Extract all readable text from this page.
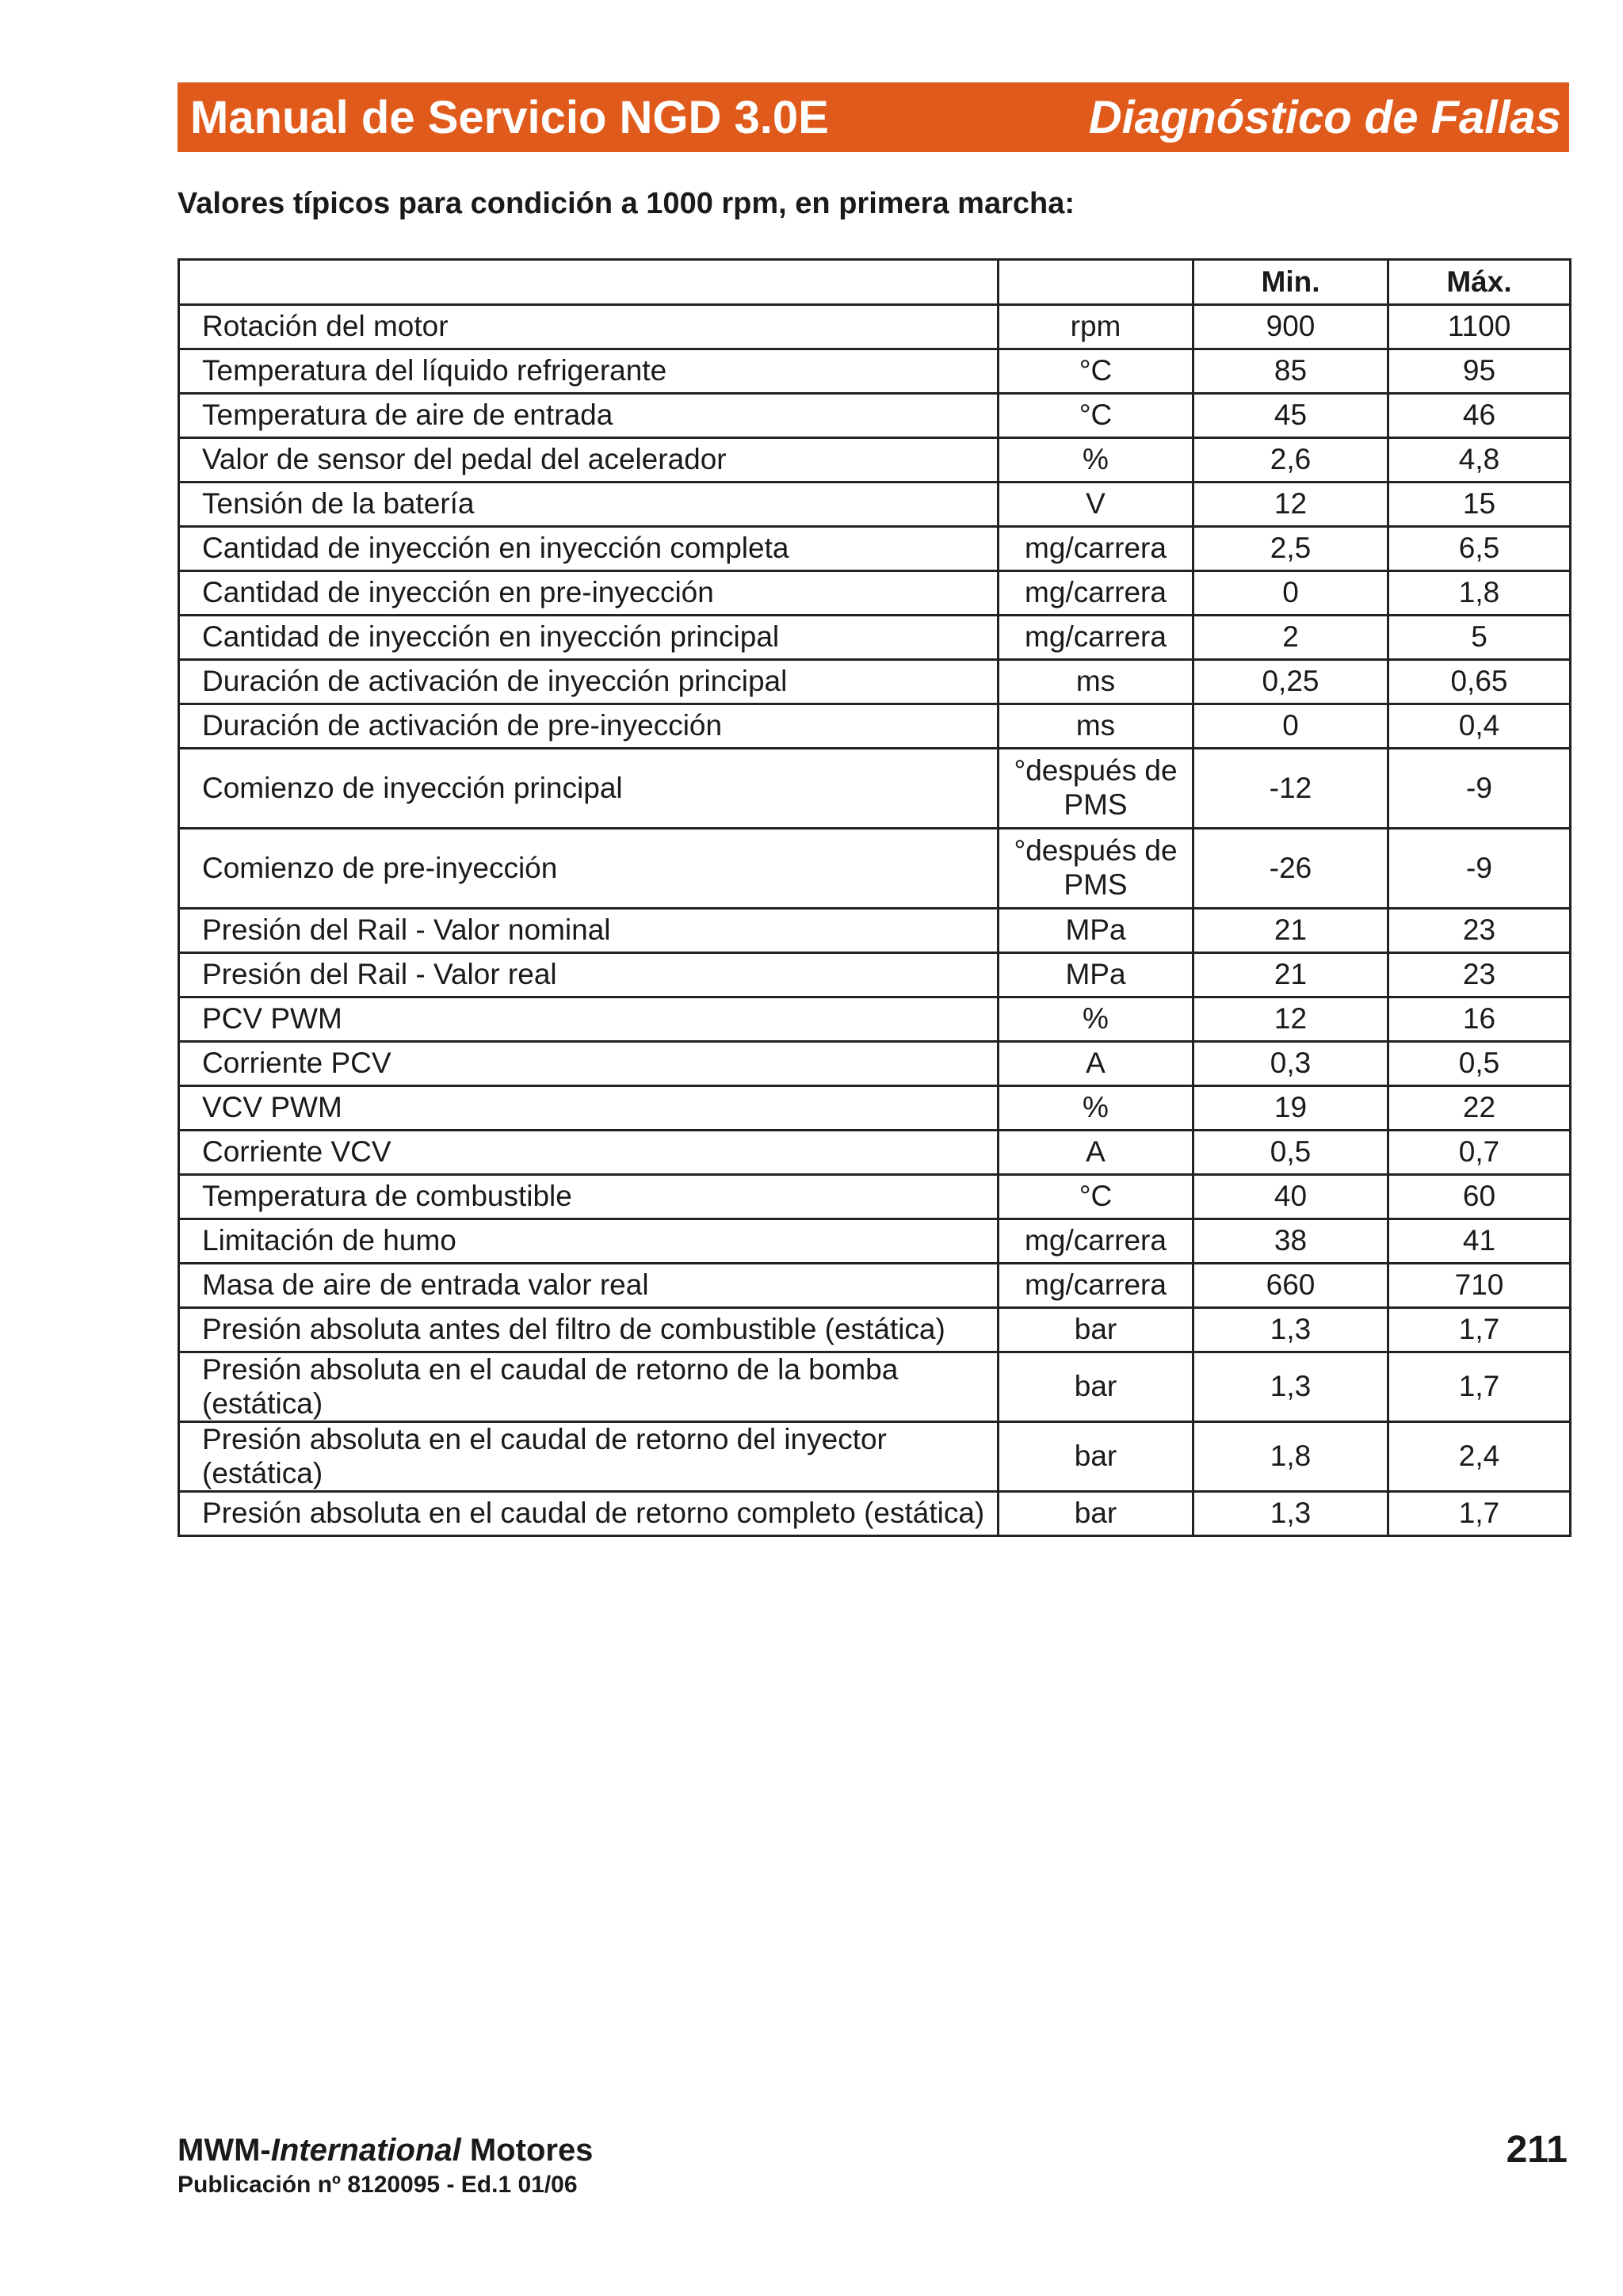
Manual de Servicio NGD 3.0E	Diagnóstico de Fallas
Valores típicos para condición a 1000 rpm, en primera marcha:
		Min.	Máx.
Rotación del motor	rpm	900	1100
Temperatura del líquido refrigerante	°C	85	95
Temperatura de aire de entrada	°C	45	46
Valor de sensor del pedal del acelerador	%	2,6	4,8
Tensión de la batería	V	12	15
Cantidad de inyección en inyección completa	mg/carrera	2,5	6,5
Cantidad de inyección en pre-inyección	mg/carrera	0	1,8
Cantidad de inyección en inyección principal	mg/carrera	2	5
Duración de activación de inyección principal	ms	0,25	0,65
Duración de activación de pre-inyección	ms	0	0,4
Comienzo de inyección principal	°después de PMS	-12	-9
Comienzo de pre-inyección	°después de PMS	-26	-9
Presión del Rail - Valor nominal	MPa	21	23
Presión del Rail - Valor real	MPa	21	23
PCV PWM	%	12	16
Corriente PCV	A	0,3	0,5
VCV PWM	%	19	22
Corriente VCV	A	0,5	0,7
Temperatura de combustible	°C	40	60
Limitación de humo	mg/carrera	38	41
Masa de aire de entrada valor real	mg/carrera	660	710
Presión absoluta antes del filtro de combustible (estática)	bar	1,3	1,7
Presión absoluta en el caudal de retorno de la bomba (estática)	bar	1,3	1,7
Presión absoluta en el caudal de retorno del inyector (estática)	bar	1,8	2,4
Presión absoluta en el caudal de retorno completo (estática)	bar	1,3	1,7
MWM-International Motores
Publicación nº 8120095 - Ed.1 01/06
211
